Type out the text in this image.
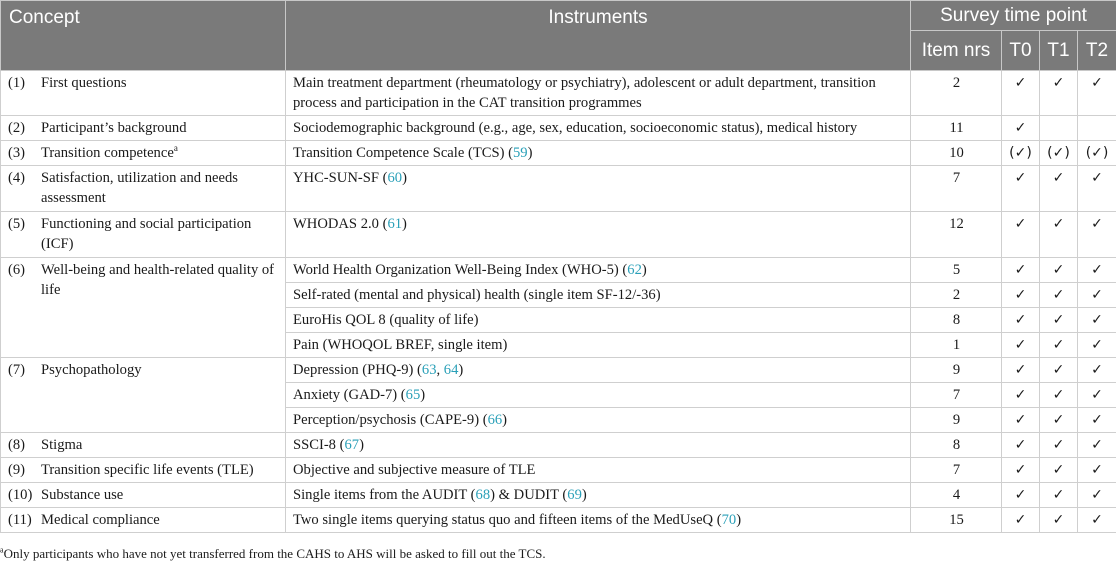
Concept	Instruments	Survey time point			
		Item nrs	T0	T1	T2

(1) First questions	Main treatment department (rheumatology or psychiatry), adolescent or adult department, transition process and participation in the CAT transition programmes	2	✓	✓	✓

(2) Participant’s background	Sociodemographic background (e.g., age, sex, education, socioeconomic status), medical history	11	✓		

(3) Transition competence$^a$	Transition Competence Scale (TCS) (59)	10	(✓)	(✓)	(✓)

(4) Satisfaction, utilization and needs assessment	YHC-SUN-SF (60)	7	✓	✓	✓

(5) Functioning and social participation (ICF)	WHODAS 2.0 (61)	12	✓	✓	✓

(6) Well-being and health-related quality of life	World Health Organization Well-Being Index (WHO-5) (62)	5	✓	✓	✓
	Self-rated (mental and physical) health (single item SF-12/-36)	2	✓	✓	✓
	EuroHis QOL 8 (quality of life)	8	✓	✓	✓
	Pain (WHOQOL BREF, single item)	1	✓	✓	✓

(7) Psychopathology	Depression (PHQ-9) (63, 64)	9	✓	✓	✓
	Anxiety (GAD-7) (65)	7	✓	✓	✓
	Perception/psychosis (CAPE-9) (66)	9	✓	✓	✓

(8) Stigma	SSCI-8 (67)	8	✓	✓	✓

(9) Transition specific life events (TLE)	Objective and subjective measure of TLE	7	✓	✓	✓

(10) Substance use	Single items from the AUDIT (68) & DUDIT (69)	4	✓	✓	✓

(11) Medical compliance	Two single items querying status quo and fifteen items of the MedUseQ (70)	15	✓	✓	✓
$^a$Only participants who have not yet transferred from the CAHS to AHS will be asked to fill out the TCS.
